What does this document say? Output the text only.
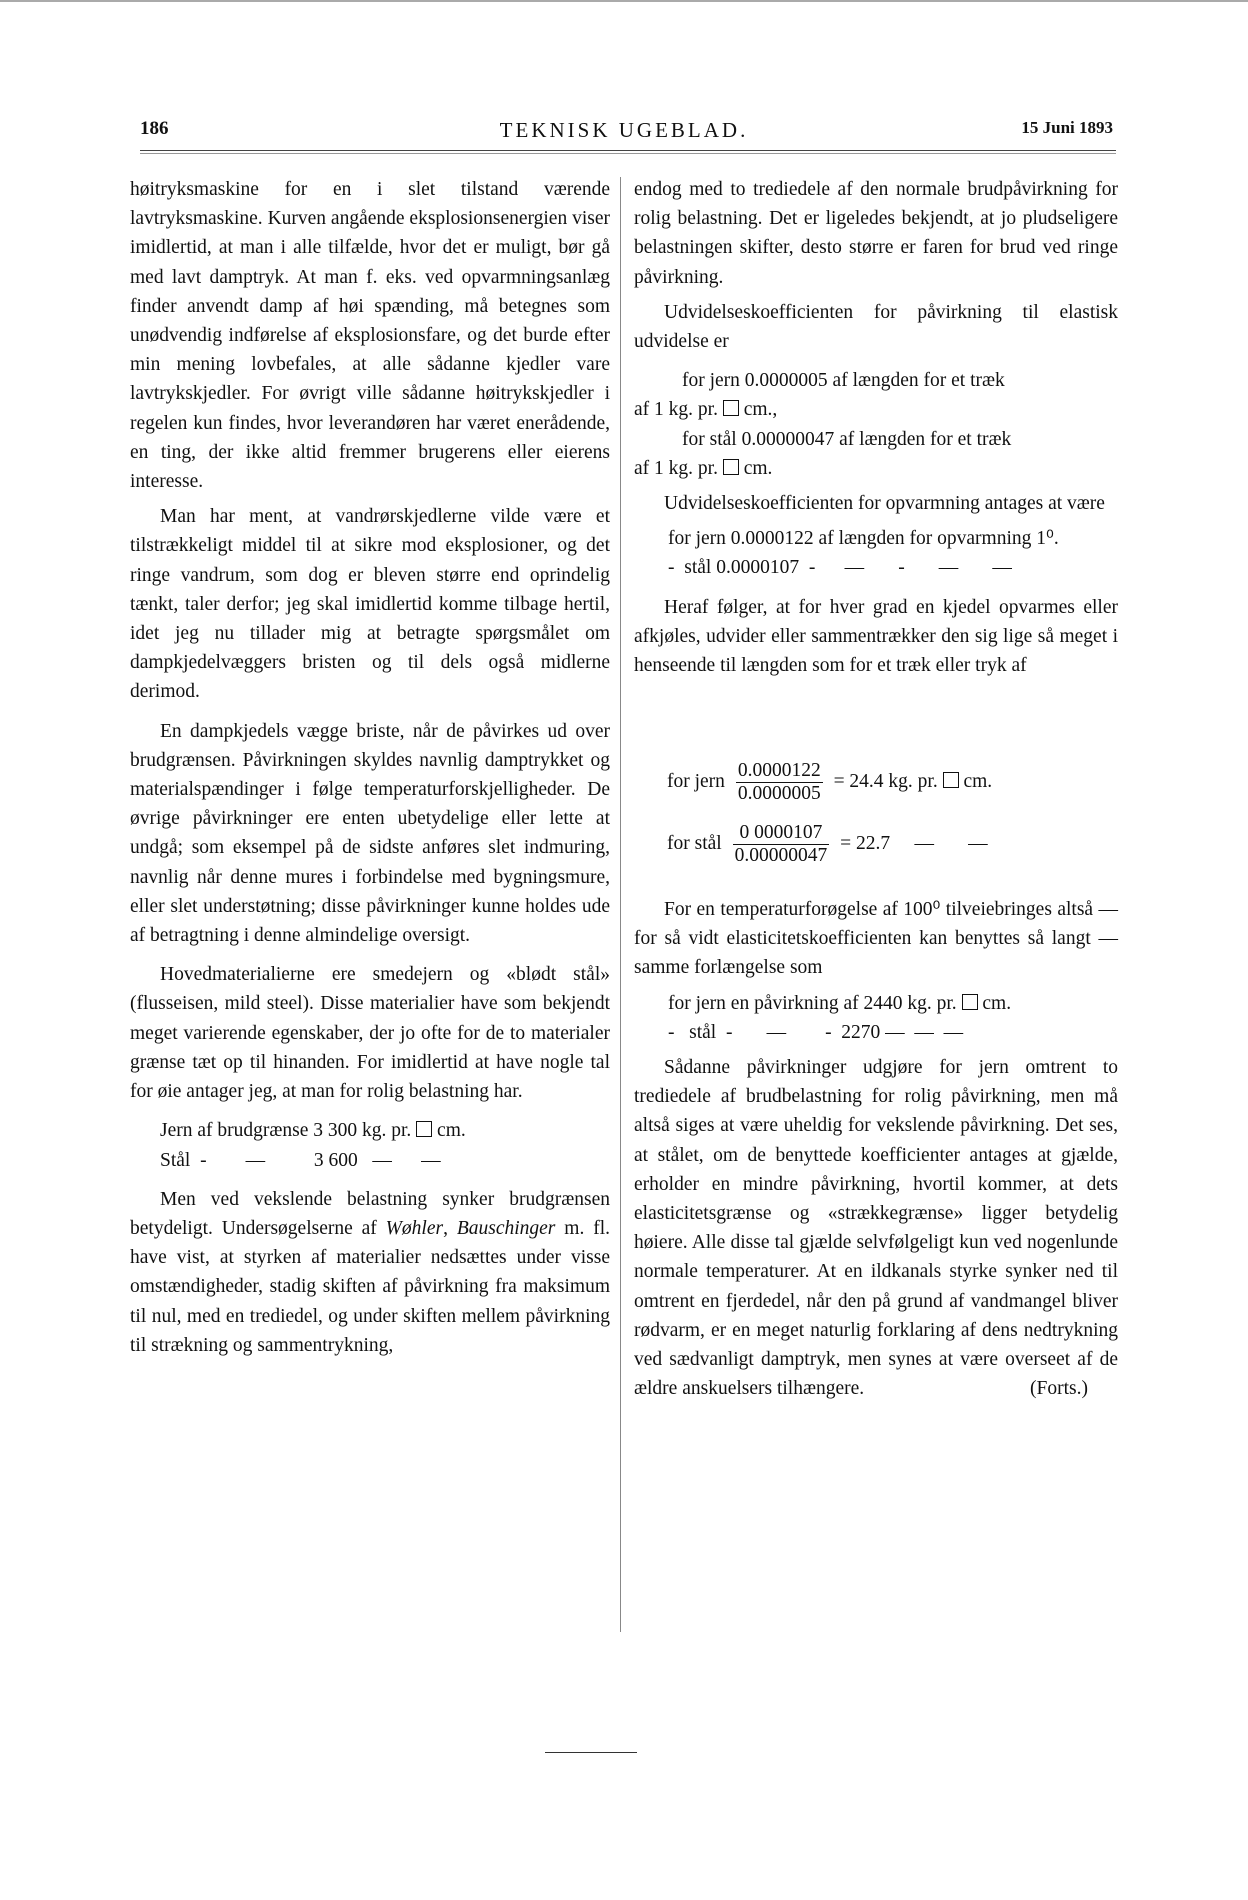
186	TEKNISK UGEBLAD.	15 Juni 1893

høitryksmaskine for en i slet tilstand værende lavtryksmaskine. Kurven angående eksplosionsenergien viser imidlertid, at man i alle tilfælde, hvor det er muligt, bør gå med lavt damptryk. At man f. eks. ved opvarmningsanlæg finder anvendt damp af høi spænding, må betegnes som unødvendig indførelse af eksplosionsfare, og det burde efter min mening lovbefales, at alle sådanne kjedler vare lavtrykskjedler. For øvrigt ville sådanne høitrykskjedler i regelen kun findes, hvor leverandøren har været enerådende, en ting, der ikke altid fremmer brugerens eller eierens interesse.

Man har ment, at vandrørskjedlerne vilde være et tilstrækkeligt middel til at sikre mod eksplosioner, og det ringe vandrum, som dog er bleven større end oprindelig tænkt, taler derfor; jeg skal imidlertid komme tilbage hertil, idet jeg nu tillader mig at betragte spørgsmålet om dampkjedelvæggers bristen og til dels også midlerne derimod.

En dampkjedels vægge briste, når de påvirkes ud over brudgrænsen. Påvirkningen skyldes navnlig damptrykket og materialspændinger i følge temperaturforskjelligheder. De øvrige påvirkninger ere enten ubetydelige eller lette at undgå; som eksempel på de sidste anføres slet indmuring, navnlig når denne mures i forbindelse med bygningsmure, eller slet understøtning; disse påvirkninger kunne holdes ude af betragtning i denne almindelige oversigt.

Hovedmaterialierne ere smedejern og «blødt stål» (flusseisen, mild steel). Disse materialier have som bekjendt meget varierende egenskaber, der jo ofte for de to materialer grænse tæt op til hinanden. For imidlertid at have nogle tal for øie antager jeg, at man for rolig belastning har.

Jern af brudgrænse 3 300 kg. pr. cm.

Stål  -        —          3 600 —      —

Men ved vekslende belastning synker brudgrænsen betydeligt. Undersøgelserne af Wøhler, Bauschinger m. fl. have vist, at styrken af materialier nedsættes under visse omstændigheder, stadig skiften af påvirkning fra maksimum til nul, med en trediedel, og under skiften mellem påvirkning til strækning og sammentrykning,

endog med to trediedele af den normale brudpåvirkning for rolig belastning. Det er ligeledes bekjendt, at jo pludseligere belastningen skifter, desto større er faren for brud ved ringe påvirkning.

Udvidelseskoefficienten for påvirkning til elastisk udvidelse er

for jern 0.0000005 af længden for et træk

af 1 kg. pr. cm.,

for stål 0.00000047 af længden for et træk

af 1 kg. pr. cm.

Udvidelseskoefficienten for opvarmning antages at være

for jern 0.0000122 af længden for opvarmning 1⁰.

-  stål 0.0000107  -      —       -       —       —

Heraf følger, at for hver grad en kjedel opvarmes eller afkjøles, udvider eller sammentrækker den sig lige så meget i henseende til længden som for et træk eller tryk af

for jern $\frac{0.0000122}{0.0000005} = 24.4$ kg. pr. cm.
for stål $\frac{0 0000107}{0.00000047} = 22.7$     —       —

For en temperaturforøgelse af 100⁰ tilveiebringes altså — for så vidt elasticitetskoefficienten kan benyttes så langt — samme forlængelse som

for jern en påvirkning af 2440 kg. pr. cm.

-   stål  -       —        -  2270 —  —  —

Sådanne påvirkninger udgjøre for jern omtrent to trediedele af brudbelastning for rolig påvirkning, men må altså siges at være uheldig for vekslende påvirkning. Det ses, at stålet, om de benyttede koefficienter antages at gjælde, erholder en mindre påvirkning, hvortil kommer, at dets elasticitetsgrænse og «strækkegrænse» ligger betydelig høiere. Alle disse tal gjælde selvfølgeligt kun ved nogenlunde normale temperaturer. At en ildkanals styrke synker ned til omtrent en fjerdedel, når den på grund af vandmangel bliver rødvarm, er en meget naturlig forklaring af dens nedtrykning ved sædvanligt damptryk, men synes at være overseet af de ældre anskuelsers tilhængere.	(Forts.)
